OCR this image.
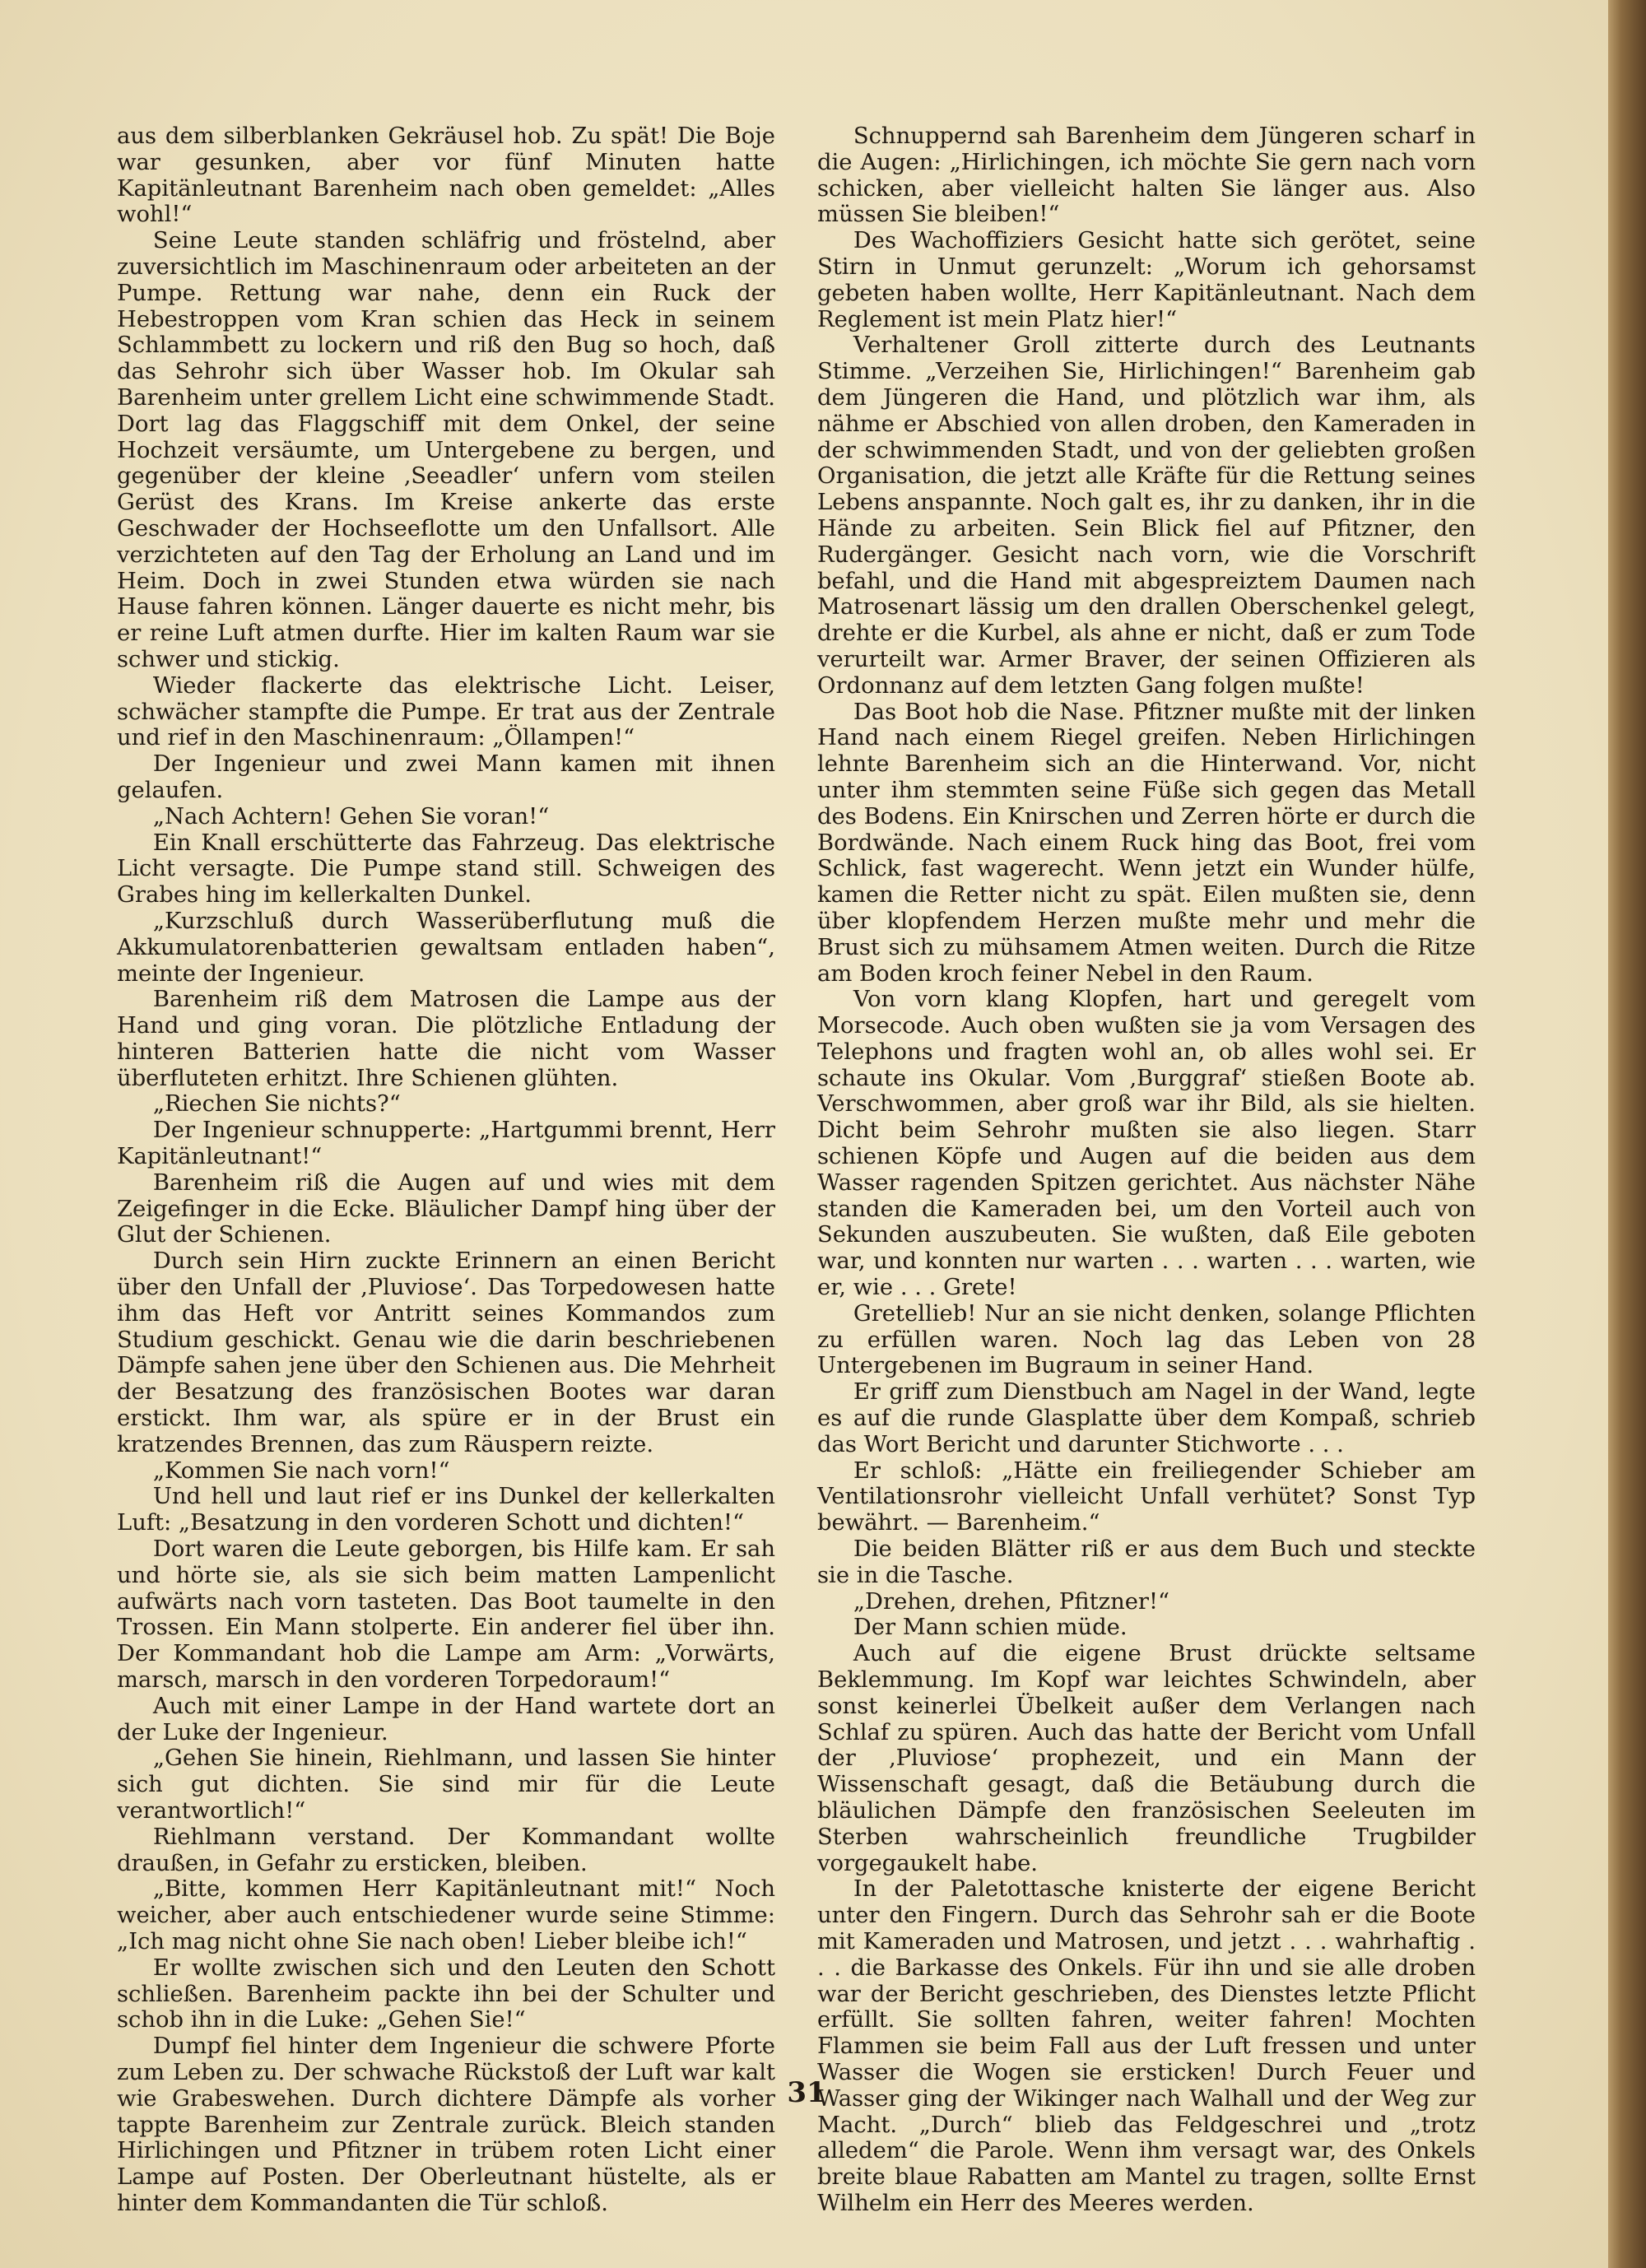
aus dem silberblanken Gekräusel hob. Zu spät! Die Boje war gesunken, aber vor fünf Minuten hatte Kapitänleutnant Barenheim nach oben gemeldet: „Alles wohl!“

Seine Leute standen schläfrig und fröstelnd, aber zuversichtlich im Maschinenraum oder arbeiteten an der Pumpe. Rettung war nahe, denn ein Ruck der Hebestroppen vom Kran schien das Heck in seinem Schlammbett zu lockern und riß den Bug so hoch, daß das Sehrohr sich über Wasser hob. Im Okular sah Barenheim unter grellem Licht eine schwimmende Stadt. Dort lag das Flaggschiff mit dem Onkel, der seine Hochzeit versäumte, um Untergebene zu bergen, und gegenüber der kleine ‚Seeadler‘ unfern vom steilen Gerüst des Krans. Im Kreise ankerte das erste Geschwader der Hochseeflotte um den Unfallsort. Alle verzichteten auf den Tag der Erholung an Land und im Heim. Doch in zwei Stunden etwa würden sie nach Hause fahren können. Länger dauerte es nicht mehr, bis er reine Luft atmen durfte. Hier im kalten Raum war sie schwer und stickig.

Wieder flackerte das elektrische Licht. Leiser, schwächer stampfte die Pumpe. Er trat aus der Zentrale und rief in den Maschinenraum: „Öllampen!“

Der Ingenieur und zwei Mann kamen mit ihnen gelaufen.

„Nach Achtern! Gehen Sie voran!“

Ein Knall erschütterte das Fahrzeug. Das elektrische Licht versagte. Die Pumpe stand still. Schweigen des Grabes hing im kellerkalten Dunkel.

„Kurzschluß durch Wasserüberflutung muß die Akkumulatorenbatterien gewaltsam entladen haben“, meinte der Ingenieur.

Barenheim riß dem Matrosen die Lampe aus der Hand und ging voran. Die plötzliche Entladung der hinteren Batterien hatte die nicht vom Wasser überfluteten erhitzt. Ihre Schienen glühten.

„Riechen Sie nichts?“

Der Ingenieur schnupperte: „Hartgummi brennt, Herr Kapitänleutnant!“

Barenheim riß die Augen auf und wies mit dem Zeigefinger in die Ecke. Bläulicher Dampf hing über der Glut der Schienen.

Durch sein Hirn zuckte Erinnern an einen Bericht über den Unfall der ‚Pluviose‘. Das Torpedowesen hatte ihm das Heft vor Antritt seines Kommandos zum Studium geschickt. Genau wie die darin beschriebenen Dämpfe sahen jene über den Schienen aus. Die Mehrheit der Besatzung des französischen Bootes war daran erstickt. Ihm war, als spüre er in der Brust ein kratzendes Brennen, das zum Räuspern reizte.

„Kommen Sie nach vorn!“

Und hell und laut rief er ins Dunkel der kellerkalten Luft: „Besatzung in den vorderen Schott und dichten!“

Dort waren die Leute geborgen, bis Hilfe kam. Er sah und hörte sie, als sie sich beim matten Lampenlicht aufwärts nach vorn tasteten. Das Boot taumelte in den Trossen. Ein Mann stolperte. Ein anderer fiel über ihn. Der Kommandant hob die Lampe am Arm: „Vorwärts, marsch, marsch in den vorderen Torpedoraum!“

Auch mit einer Lampe in der Hand wartete dort an der Luke der Ingenieur.

„Gehen Sie hinein, Riehlmann, und lassen Sie hinter sich gut dichten. Sie sind mir für die Leute verantwortlich!“

Riehlmann verstand. Der Kommandant wollte draußen, in Gefahr zu ersticken, bleiben.

„Bitte, kommen Herr Kapitänleutnant mit!“ Noch weicher, aber auch entschiedener wurde seine Stimme: „Ich mag nicht ohne Sie nach oben! Lieber bleibe ich!“

Er wollte zwischen sich und den Leuten den Schott schließen. Barenheim packte ihn bei der Schulter und schob ihn in die Luke: „Gehen Sie!“

Dumpf fiel hinter dem Ingenieur die schwere Pforte zum Leben zu. Der schwache Rückstoß der Luft war kalt wie Grabeswehen. Durch dichtere Dämpfe als vorher tappte Barenheim zur Zentrale zurück. Bleich standen Hirlichingen und Pfitzner in trübem roten Licht einer Lampe auf Posten. Der Oberleutnant hüstelte, als er hinter dem Kommandanten die Tür schloß.

Schnuppernd sah Barenheim dem Jüngeren scharf in die Augen: „Hirlichingen, ich möchte Sie gern nach vorn schicken, aber vielleicht halten Sie länger aus. Also müssen Sie bleiben!“

Des Wachoffiziers Gesicht hatte sich gerötet, seine Stirn in Unmut gerunzelt: „Worum ich gehorsamst gebeten haben wollte, Herr Kapitänleutnant. Nach dem Reglement ist mein Platz hier!“

Verhaltener Groll zitterte durch des Leutnants Stimme. „Verzeihen Sie, Hirlichingen!“ Barenheim gab dem Jüngeren die Hand, und plötzlich war ihm, als nähme er Abschied von allen droben, den Kameraden in der schwimmenden Stadt, und von der geliebten großen Organisation, die jetzt alle Kräfte für die Rettung seines Lebens anspannte. Noch galt es, ihr zu danken, ihr in die Hände zu arbeiten. Sein Blick fiel auf Pfitzner, den Rudergänger. Gesicht nach vorn, wie die Vorschrift befahl, und die Hand mit abgespreiztem Daumen nach Matrosenart lässig um den drallen Oberschenkel gelegt, drehte er die Kurbel, als ahne er nicht, daß er zum Tode verurteilt war. Armer Braver, der seinen Offizieren als Ordonnanz auf dem letzten Gang folgen mußte!

Das Boot hob die Nase. Pfitzner mußte mit der linken Hand nach einem Riegel greifen. Neben Hirlichingen lehnte Barenheim sich an die Hinterwand. Vor, nicht unter ihm stemmten seine Füße sich gegen das Metall des Bodens. Ein Knirschen und Zerren hörte er durch die Bordwände. Nach einem Ruck hing das Boot, frei vom Schlick, fast wagerecht. Wenn jetzt ein Wunder hülfe, kamen die Retter nicht zu spät. Eilen mußten sie, denn über klopfendem Herzen mußte mehr und mehr die Brust sich zu mühsamem Atmen weiten. Durch die Ritze am Boden kroch feiner Nebel in den Raum.

Von vorn klang Klopfen, hart und geregelt vom Morsecode. Auch oben wußten sie ja vom Versagen des Telephons und fragten wohl an, ob alles wohl sei. Er schaute ins Okular. Vom ‚Burggraf‘ stießen Boote ab. Verschwommen, aber groß war ihr Bild, als sie hielten. Dicht beim Sehrohr mußten sie also liegen. Starr schienen Köpfe und Augen auf die beiden aus dem Wasser ragenden Spitzen gerichtet. Aus nächster Nähe standen die Kameraden bei, um den Vorteil auch von Sekunden auszubeuten. Sie wußten, daß Eile geboten war, und konnten nur warten . . . warten . . . warten, wie er, wie . . . Grete!

Gretellieb! Nur an sie nicht denken, solange Pflichten zu erfüllen waren. Noch lag das Leben von 28 Untergebenen im Bugraum in seiner Hand.

Er griff zum Dienstbuch am Nagel in der Wand, legte es auf die runde Glasplatte über dem Kompaß, schrieb das Wort Bericht und darunter Stichworte . . .

Er schloß: „Hätte ein freiliegender Schieber am Ventilationsrohr vielleicht Unfall verhütet? Sonst Typ bewährt. — Barenheim.“

Die beiden Blätter riß er aus dem Buch und steckte sie in die Tasche.

„Drehen, drehen, Pfitzner!“

Der Mann schien müde.

Auch auf die eigene Brust drückte seltsame Beklemmung. Im Kopf war leichtes Schwindeln, aber sonst keinerlei Übelkeit außer dem Verlangen nach Schlaf zu spüren. Auch das hatte der Bericht vom Unfall der ‚Pluviose‘ prophezeit, und ein Mann der Wissenschaft gesagt, daß die Betäubung durch die bläulichen Dämpfe den französischen Seeleuten im Sterben wahrscheinlich freundliche Trugbilder vorgegaukelt habe.

In der Paletottasche knisterte der eigene Bericht unter den Fingern. Durch das Sehrohr sah er die Boote mit Kameraden und Matrosen, und jetzt . . . wahrhaftig . . . die Barkasse des Onkels. Für ihn und sie alle droben war der Bericht geschrieben, des Dienstes letzte Pflicht erfüllt. Sie sollten fahren, weiter fahren! Mochten Flammen sie beim Fall aus der Luft fressen und unter Wasser die Wogen sie ersticken! Durch Feuer und Wasser ging der Wikinger nach Walhall und der Weg zur Macht. „Durch“ blieb das Feldgeschrei und „trotz alledem“ die Parole. Wenn ihm versagt war, des Onkels breite blaue Rabatten am Mantel zu tragen, sollte Ernst Wilhelm ein Herr des Meeres werden.

31
